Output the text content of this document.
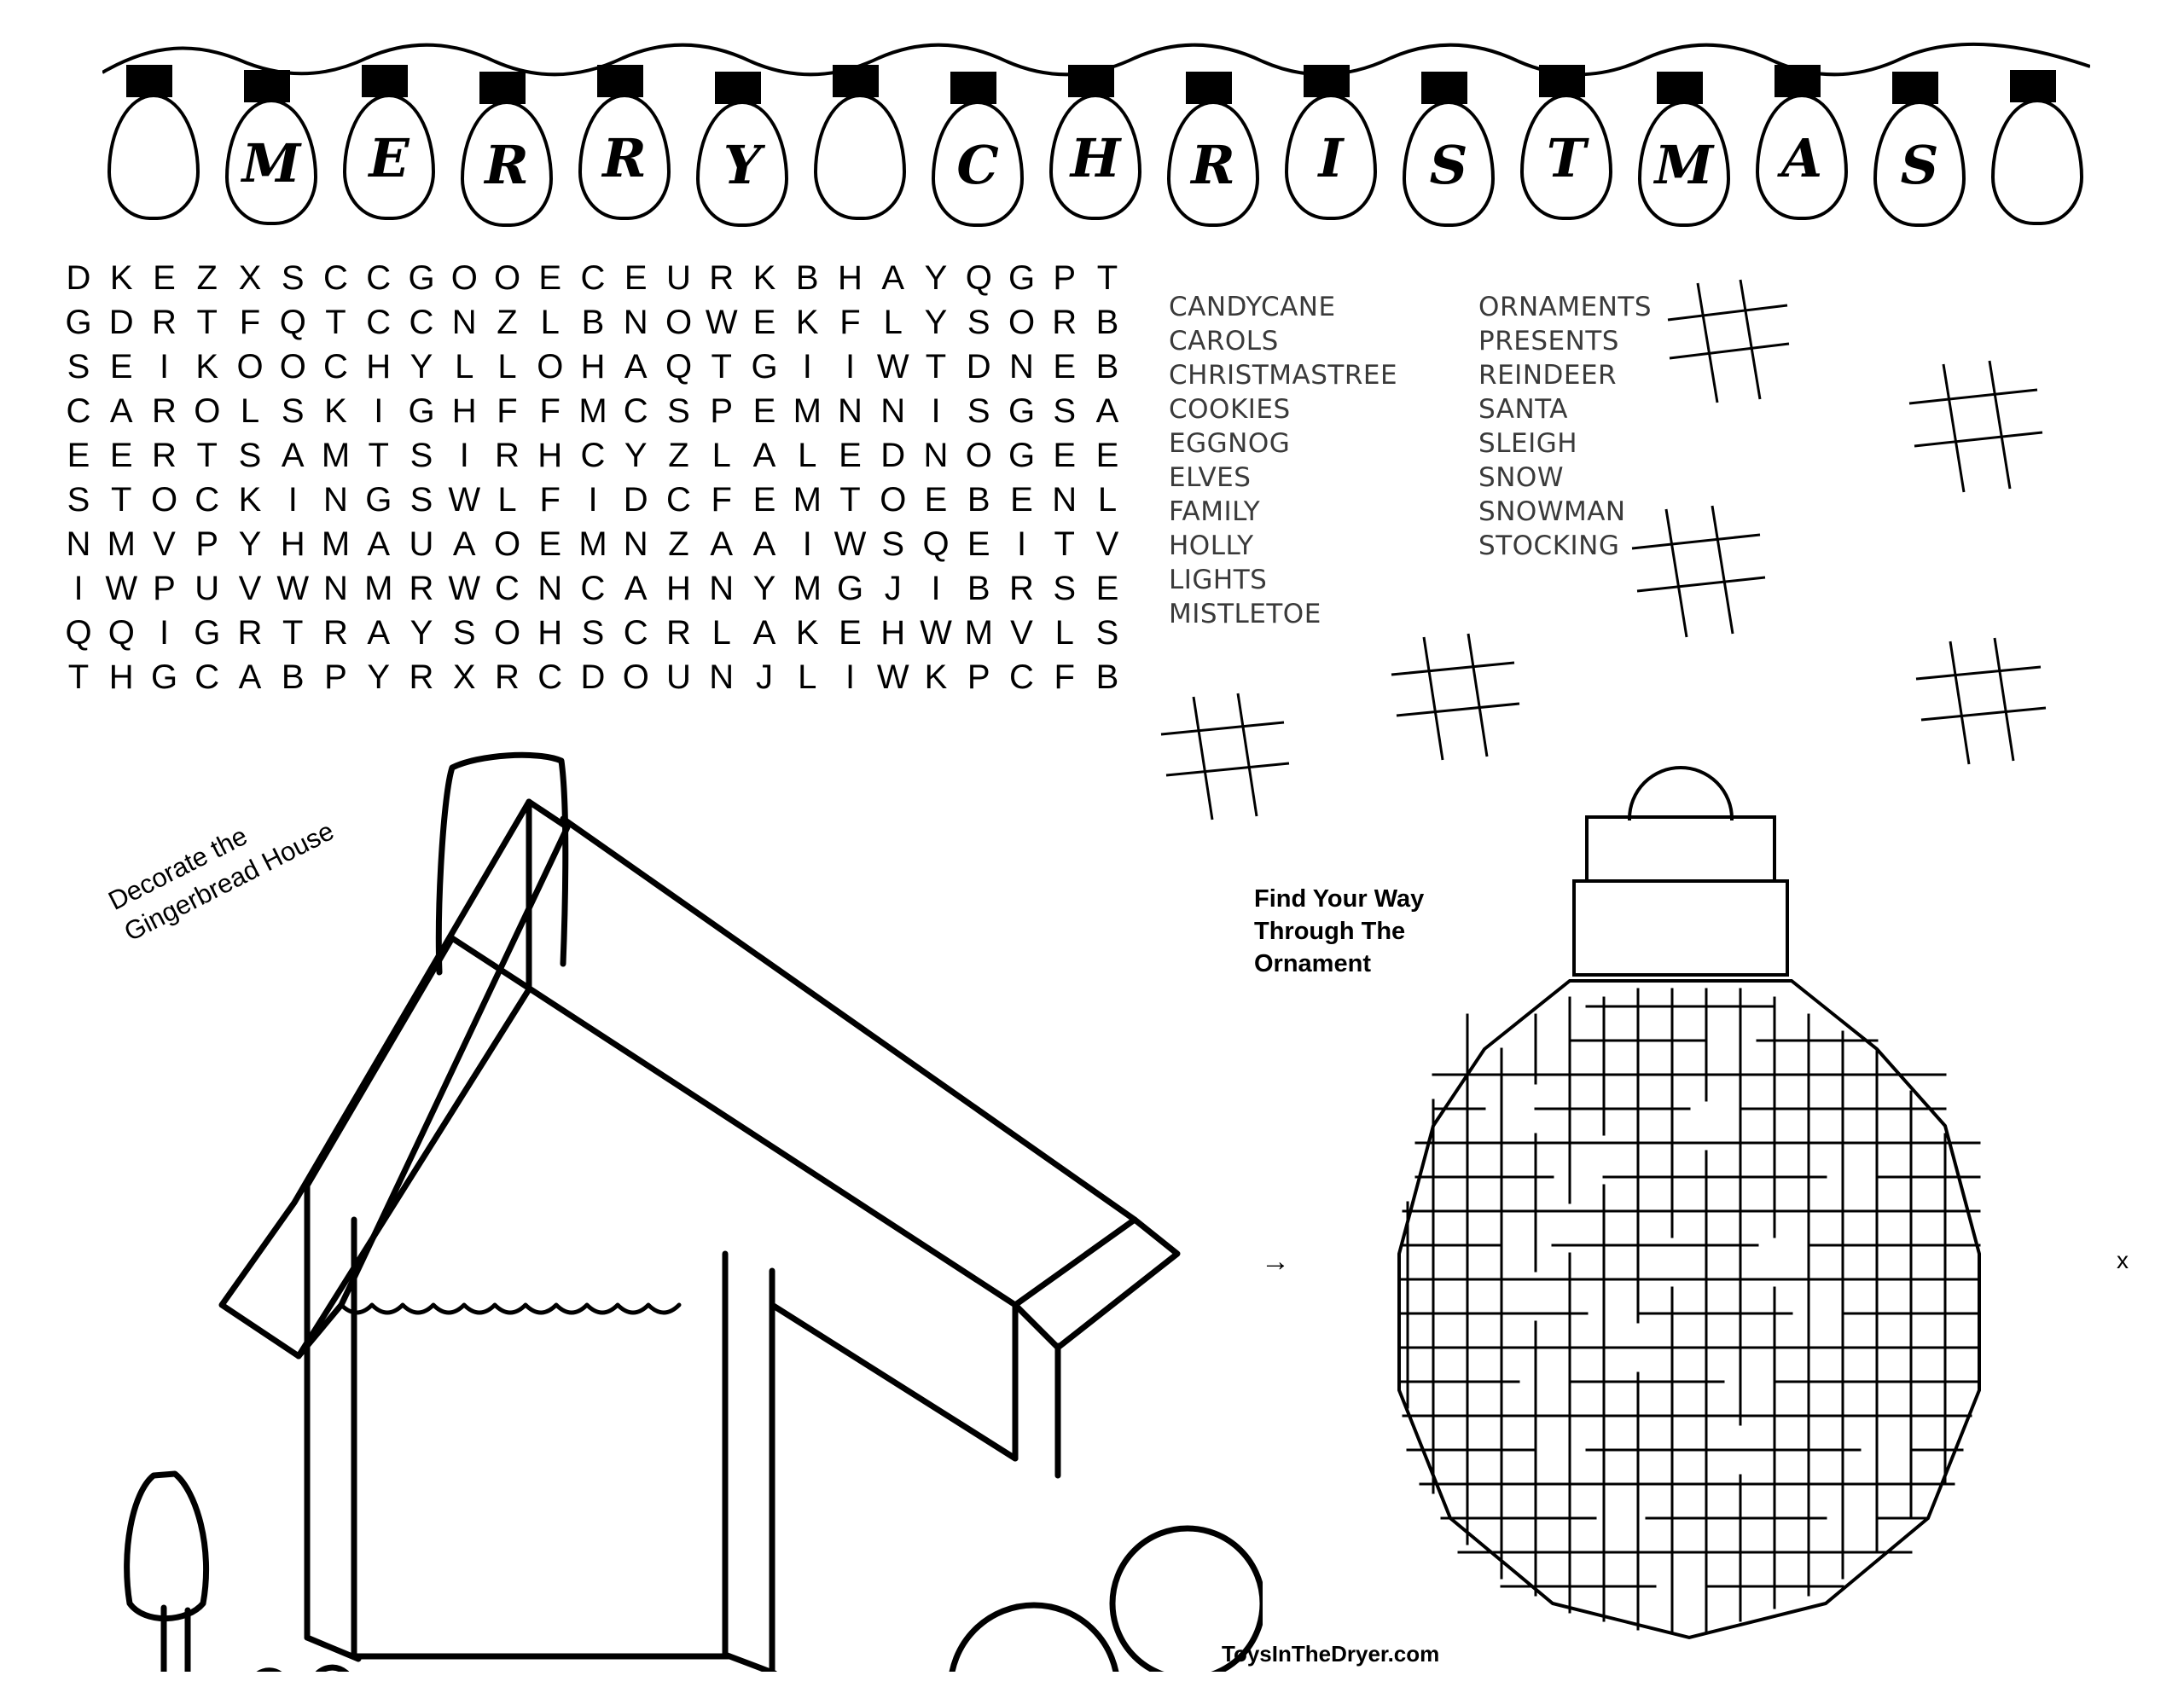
M E R R Y	C H R I S T M A S
D K E Z X S C C G O O E C E U R K B H A Y Q G P T
G D R T F Q T C C N Z L B N O W E K F L Y S O R B
S E I K O O C H Y L L O H A Q T G I I W T D N E B
C A R O L S K I G H F F M C S P E M N N I S G S A
E E R T S A M T S I R H C Y Z L A L E D N O G E E
S T O C K I N G S W L F I D C F E M T O E B E N L
N M V P Y H M A U A O E M N Z A A I W S Q E I T V
I W P U V W N M R W C N C A H N Y M G J I B R S E
Q Q I G R T R A Y S O H S C R L A K E H W M V L S
T H G C A B P Y R X R C D O U N J L I W K P C F B
CANDYCANE
CAROLS
CHRISTMASTREE
COOKIES
EGGNOG
ELVES
FAMILY
HOLLY
LIGHTS
MISTLETOE
ORNAMENTS
PRESENTS
REINDEER
SANTA
SLEIGH
SNOW
SNOWMAN
STOCKING
Decorate the Gingerbread House	Find Your Way Through The Ornament
→	x
ToysInTheDryer.com
